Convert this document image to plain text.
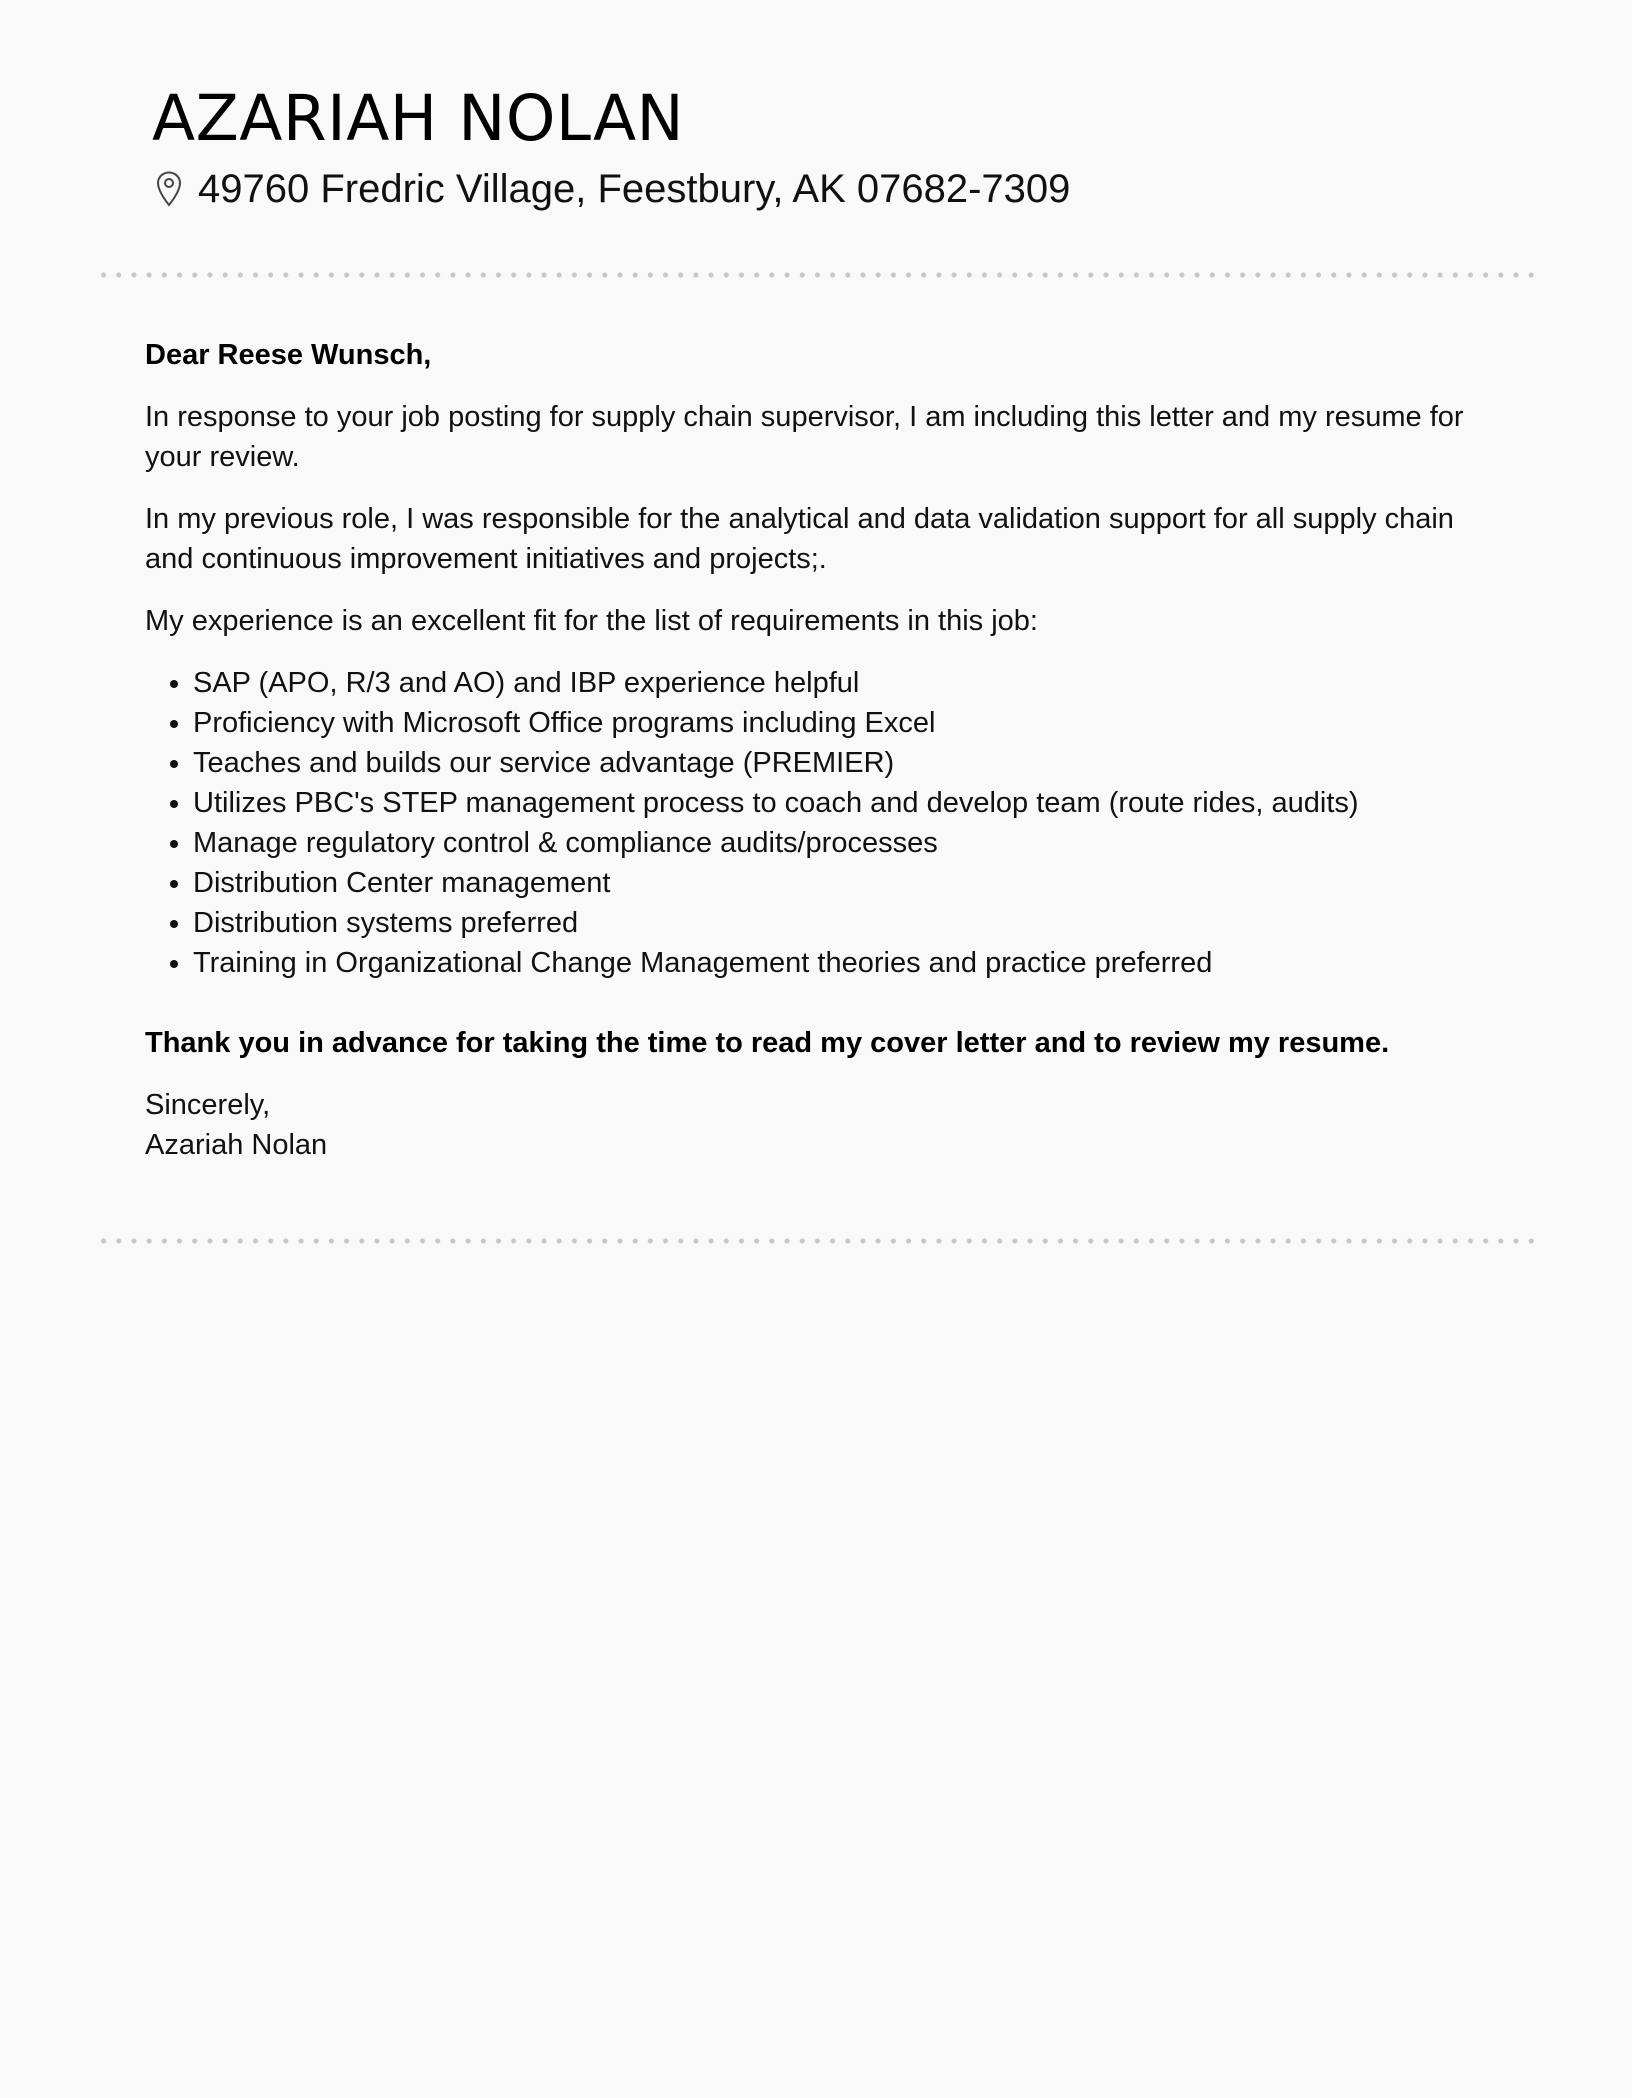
AZARIAH NOLAN
49760 Fredric Village, Feestbury, AK 07682-7309

Dear Reese Wunsch,

In response to your job posting for supply chain supervisor, I am including this letter and my resume for your review.

In my previous role, I was responsible for the analytical and data validation support for all supply chain and continuous improvement initiatives and projects;.

My experience is an excellent fit for the list of requirements in this job:

• SAP (APO, R/3 and AO) and IBP experience helpful
• Proficiency with Microsoft Office programs including Excel
• Teaches and builds our service advantage (PREMIER)
• Utilizes PBC's STEP management process to coach and develop team (route rides, audits)
• Manage regulatory control & compliance audits/processes
• Distribution Center management
• Distribution systems preferred
• Training in Organizational Change Management theories and practice preferred

Thank you in advance for taking the time to read my cover letter and to review my resume.

Sincerely,
Azariah Nolan
